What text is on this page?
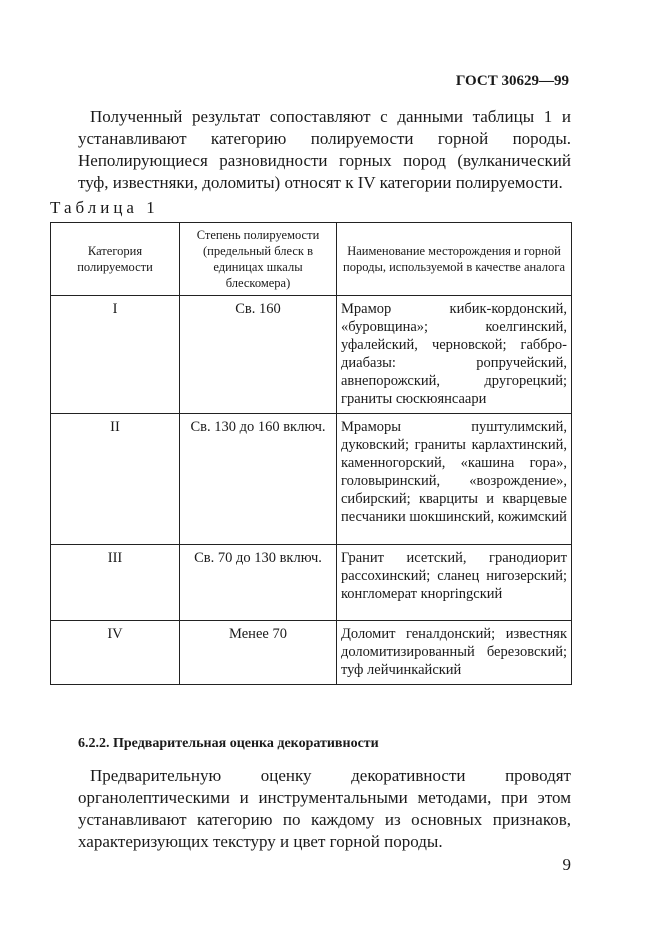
ГОСТ 30629—99

Полученный результат сопоставляют с данными таблицы 1 и устанавливают категорию полируемости горной породы. Неполирующиеся разновидности горных пород (вулканический туф, известняки, доломиты) относят к IV категории полируемости.

Таблица 1
Категория полируемости	Степень полируемости (предельный блеск в единицах шкалы блескомера)	Наименование месторождения и горной породы, используемой в качестве аналога
I	Св. 160	Мрамор кибик-кордонский, «буровщина»; коелгинский, уфалейский, черновской; габбро-диабазы: ропручейский, авнепорожский, другорецкий; граниты сюскюянсаари
II	Св. 130 до 160 включ.	Мраморы пуштулимский, дуковский; граниты карлахтинский, каменногорский, «кашина гора», головыринский, «возрождение», сибирский; кварциты и кварцевые песчаники шокшинский, кожимский
III	Св. 70 до 130 включ.	Гранит исетский, гранодиорит рассохинский; сланец нигозерский; конгломерат кнорringский
IV	Менее 70	Доломит геналдонский; известняк доломитизированный березовский; туф лейчинкайский
6.2.2. Предварительная оценка декоративности

Предварительную оценку декоративности проводят органолептическими и инструментальными методами, при этом устанавливают категорию по каждому из основных признаков, характеризующих текстуру и цвет горной породы.

9
